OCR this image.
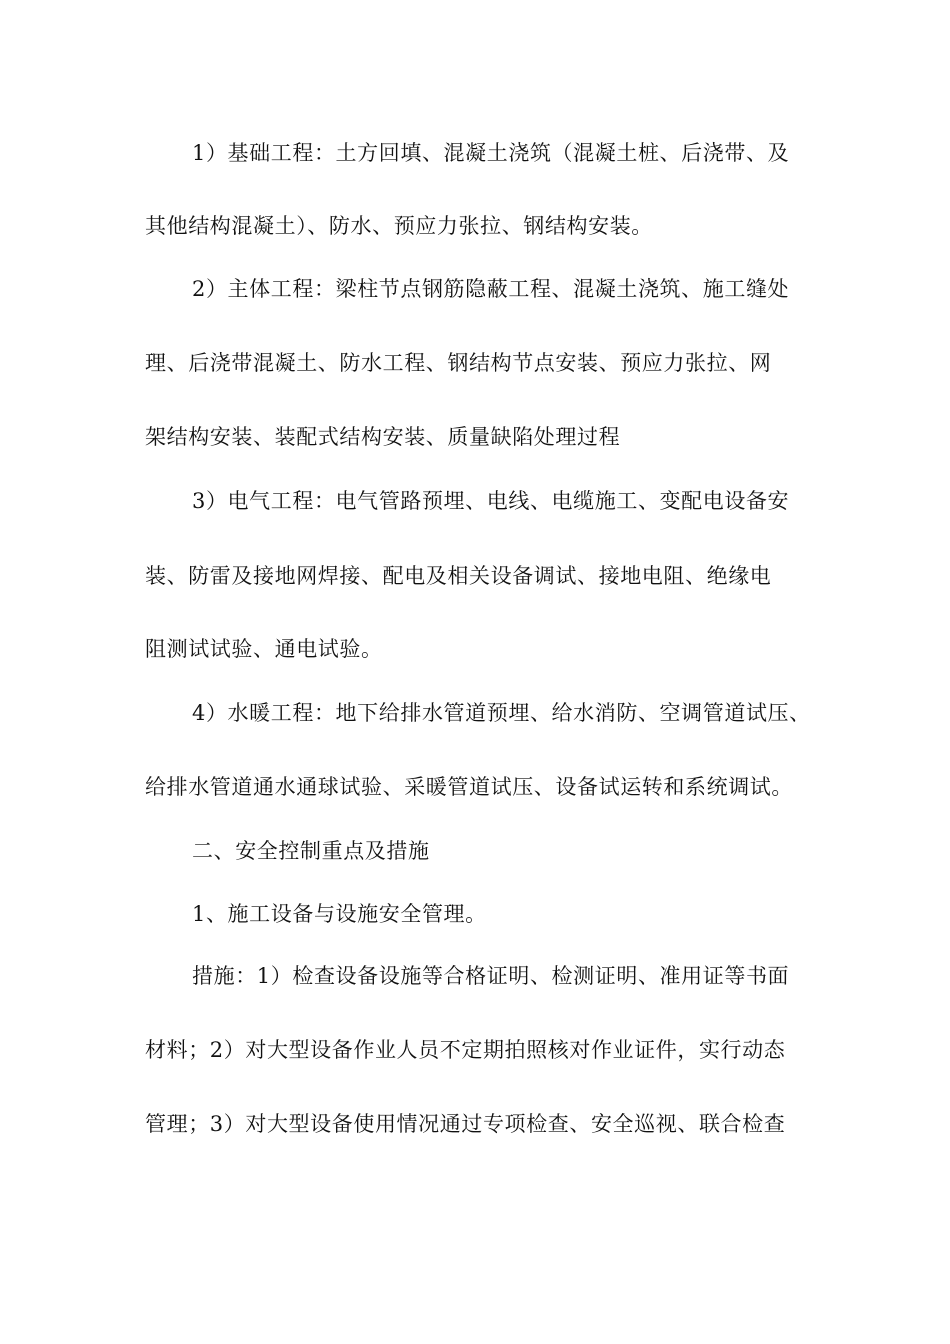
1）基础工程：土方回填、混凝土浇筑（混凝土桩、后浇带、及
其他结构混凝土）、防水、预应力张拉、钢结构安装。
2）主体工程：梁柱节点钢筋隐蔽工程、混凝土浇筑、施工缝处
理、后浇带混凝土、防水工程、钢结构节点安装、预应力张拉、网
架结构安装、装配式结构安装、质量缺陷处理过程
3）电气工程：电气管路预埋、电线、电缆施工、变配电设备安
装、防雷及接地网焊接、配电及相关设备调试、接地电阻、绝缘电
阻测试试验、通电试验。
4）水暖工程：地下给排水管道预埋、给水消防、空调管道试压、
给排水管道通水通球试验、采暖管道试压、设备试运转和系统调试。
二、安全控制重点及措施
1、施工设备与设施安全管理。
措施：1）检查设备设施等合格证明、检测证明、准用证等书面
材料；2）对大型设备作业人员不定期拍照核对作业证件，实行动态
管理；3）对大型设备使用情况通过专项检查、安全巡视、联合检查
